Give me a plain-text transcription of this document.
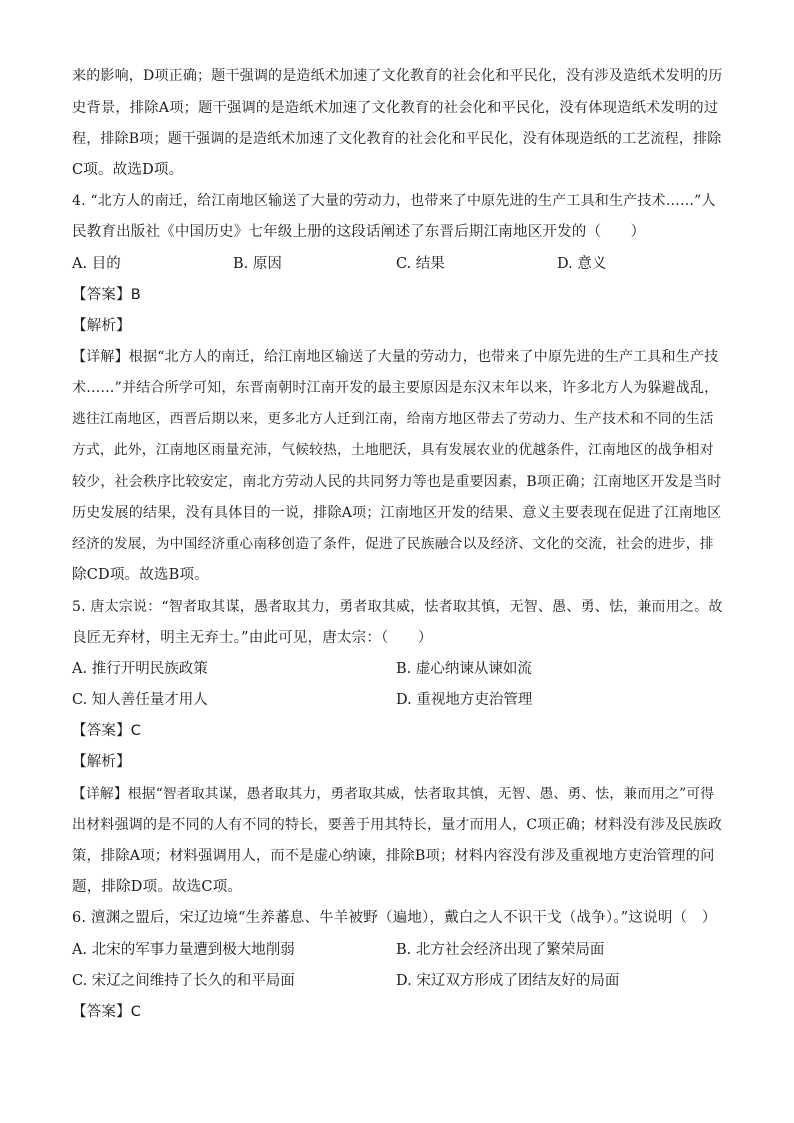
来的影响，D项正确；题干强调的是造纸术加速了文化教育的社会化和平民化，没有涉及造纸术发明的历
史背景，排除A项；题干强调的是造纸术加速了文化教育的社会化和平民化，没有体现造纸术发明的过
程，排除B项；题干强调的是造纸术加速了文化教育的社会化和平民化，没有体现造纸的工艺流程，排除
C项。故选D项。
4. “北方人的南迁，给江南地区输送了大量的劳动力，也带来了中原先进的生产工具和生产技术……”人
民教育出版社《中国历史》七年级上册的这段话阐述了东晋后期江南地区开发的（　　）
A. 目的	B. 原因	C. 结果	D. 意义
【答案】B
【解析】
【详解】根据“北方人的南迁，给江南地区输送了大量的劳动力，也带来了中原先进的生产工具和生产技
术……”并结合所学可知，东晋南朝时江南开发的最主要原因是东汉末年以来，许多北方人为躲避战乱，
逃往江南地区，西晋后期以来，更多北方人迁到江南，给南方地区带去了劳动力、生产技术和不同的生活
方式，此外，江南地区雨量充沛，气候较热，土地肥沃，具有发展农业的优越条件，江南地区的战争相对
较少，社会秩序比较安定，南北方劳动人民的共同努力等也是重要因素，B项正确；江南地区开发是当时
历史发展的结果，没有具体目的一说，排除A项；江南地区开发的结果、意义主要表现在促进了江南地区
经济的发展，为中国经济重心南移创造了条件，促进了民族融合以及经济、文化的交流，社会的进步，排
除CD项。故选B项。
5. 唐太宗说：“智者取其谋，愚者取其力，勇者取其威，怯者取其慎，无智、愚、勇、怯，兼而用之。故
良匠无弃材，明主无弃士。”由此可见，唐太宗：（　　）
A. 推行开明民族政策	B. 虚心纳谏从谏如流
C. 知人善任量才用人	D. 重视地方吏治管理
【答案】C
【解析】
【详解】根据“智者取其谋，愚者取其力，勇者取其威，怯者取其慎，无智、愚、勇、怯，兼而用之”可得
出材料强调的是不同的人有不同的特长，要善于用其特长，量才而用人，C项正确；材料没有涉及民族政
策，排除A项；材料强调用人，而不是虚心纳谏，排除B项；材料内容没有涉及重视地方吏治管理的问
题，排除D项。故选C项。
6. 澶渊之盟后，宋辽边境“生养蕃息、牛羊被野（遍地），戴白之人不识干戈（战争）。”这说明（　）
A. 北宋的军事力量遭到极大地削弱	B. 北方社会经济出现了繁荣局面
C. 宋辽之间维持了长久的和平局面	D. 宋辽双方形成了团结友好的局面
【答案】C
